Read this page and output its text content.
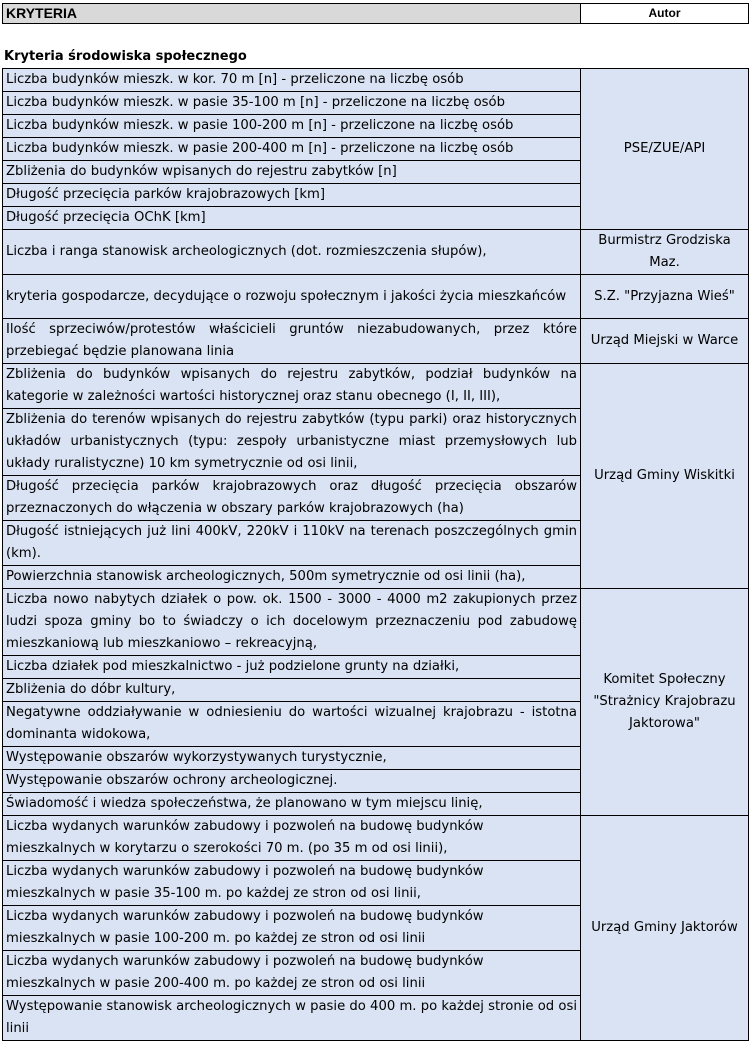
KRYTERIA	Autor
Kryteria środowiska społecznego
Liczba budynków mieszk. w kor. 70 m [n] - przeliczone na liczbę osób	PSE/ZUE/API
Liczba budynków mieszk. w pasie 35-100 m [n] - przeliczone na liczbę osób	
Liczba budynków mieszk. w pasie 100-200 m [n] - przeliczone na liczbę osób	
Liczba budynków mieszk. w pasie 200-400 m [n] - przeliczone na liczbę osób	
Zbliżenia do budynków wpisanych do rejestru zabytków [n]	
Długość przecięcia parków krajobrazowych [km]	
Długość przecięcia OChK [km]	
Liczba i ranga stanowisk archeologicznych (dot. rozmieszczenia słupów),	Burmistrz Grodziska Maz.
kryteria gospodarcze, decydujące o rozwoju społecznym i jakości życia mieszkańców	S.Z. "Przyjazna Wieś"
Ilość sprzeciwów/protestów właścicieli gruntów niezabudowanych, przez które przebiegać będzie planowana linia	Urząd Miejski w Warce
Zbliżenia do budynków wpisanych do rejestru zabytków, podział budynków na kategorie w zależności wartości historycznej oraz stanu obecnego (I, II, III),	Urząd Gminy Wiskitki
Zbliżenia do terenów wpisanych do rejestru zabytków (typu parki) oraz historycznych układów urbanistycznych (typu: zespoły urbanistyczne miast przemysłowych lub układy ruralistyczne) 10 km symetrycznie od osi linii,	
Długość przecięcia parków krajobrazowych oraz długość przecięcia obszarów przeznaczonych do włączenia w obszary parków krajobrazowych (ha)	
Długość istniejących już lini 400kV, 220kV i 110kV na terenach poszczególnych gmin (km).	
Powierzchnia stanowisk archeologicznych, 500m symetrycznie od osi linii (ha),	
Liczba nowo nabytych działek o pow. ok. 1500 - 3000 - 4000 m2 zakupionych przez ludzi spoza gminy bo to świadczy o ich docelowym przeznaczeniu pod zabudowę mieszkaniową lub mieszkaniowo – rekreacyjną,	Komitet Społeczny "Strażnicy Krajobrazu Jaktorowa"
Liczba działek pod mieszkalnictwo - już podzielone grunty na działki,	
Zbliżenia do dóbr kultury,	
Negatywne oddziaływanie w odniesieniu do wartości wizualnej krajobrazu - istotna dominanta widokowa,	
Występowanie obszarów wykorzystywanych turystycznie,	
Występowanie obszarów ochrony archeologicznej.	
Świadomość i wiedza społeczeństwa, że planowano w tym miejscu linię,	
Liczba wydanych warunków zabudowy i pozwoleń na budowę budynków mieszkalnych w korytarzu o szerokości 70 m. (po 35 m od osi linii),	Urząd Gminy Jaktorów
Liczba wydanych warunków zabudowy i pozwoleń na budowę budynków mieszkalnych w pasie 35-100 m. po każdej ze stron od osi linii,	
Liczba wydanych warunków zabudowy i pozwoleń na budowę budynków mieszkalnych w pasie 100-200 m. po każdej ze stron od osi linii	
Liczba wydanych warunków zabudowy i pozwoleń na budowę budynków mieszkalnych w pasie 200-400 m. po każdej ze stron od osi linii	
Występowanie stanowisk archeologicznych w pasie do 400 m. po każdej stronie od osi linii	
